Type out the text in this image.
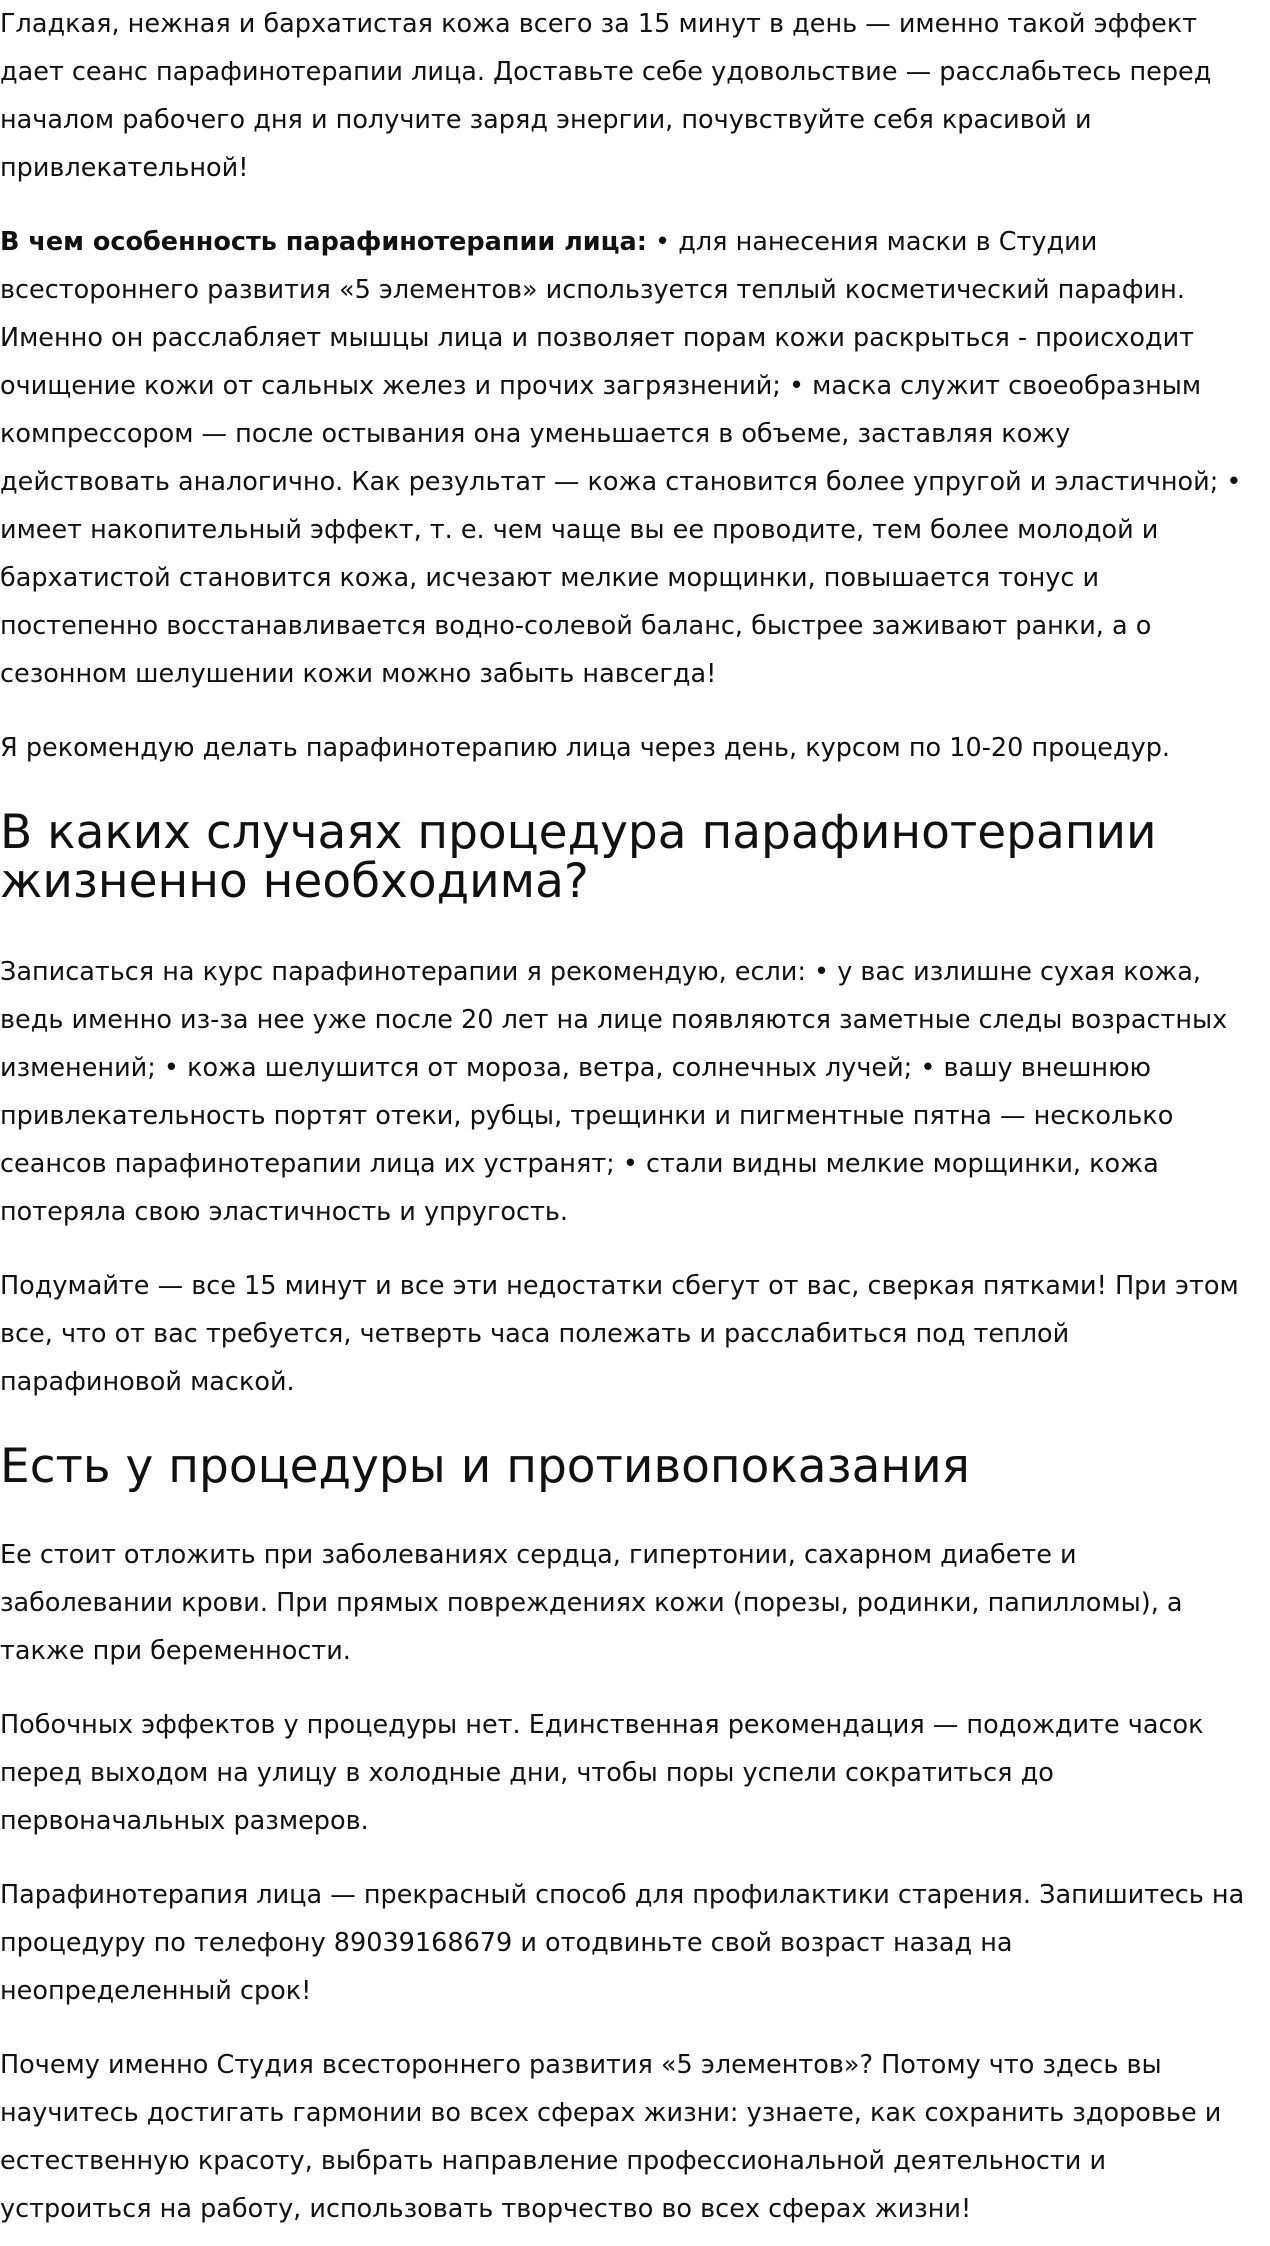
Гладкая, нежная и бархатистая кожа всего за 15 минут в день — именно такой эффект
дает сеанс парафинотерапии лица. Доставьте себе удовольствие — расслабьтесь перед
началом рабочего дня и получите заряд энергии, почувствуйте себя красивой и
привлекательной!

В чем особенность парафинотерапии лица: • для нанесения маски в Студии
всестороннего развития «5 элементов» используется теплый косметический парафин.
Именно он расслабляет мышцы лица и позволяет порам кожи раскрыться - происходит
очищение кожи от сальных желез и прочих загрязнений; • маска служит своеобразным
компрессором — после остывания она уменьшается в объеме, заставляя кожу
действовать аналогично. Как результат — кожа становится более упругой и эластичной; •
имеет накопительный эффект, т. е. чем чаще вы ее проводите, тем более молодой и
бархатистой становится кожа, исчезают мелкие морщинки, повышается тонус и
постепенно восстанавливается водно-солевой баланс, быстрее заживают ранки, а о
сезонном шелушении кожи можно забыть навсегда!

Я рекомендую делать парафинотерапию лица через день, курсом по 10-20 процедур.

В каких случаях процедура парафинотерапии
жизненно необходима?

Записаться на курс парафинотерапии я рекомендую, если: • у вас излишне сухая кожа,
ведь именно из-за нее уже после 20 лет на лице появляются заметные следы возрастных
изменений; • кожа шелушится от мороза, ветра, солнечных лучей; • вашу внешнюю
привлекательность портят отеки, рубцы, трещинки и пигментные пятна — несколько
сеансов парафинотерапии лица их устранят; • стали видны мелкие морщинки, кожа
потеряла свою эластичность и упругость.

Подумайте — все 15 минут и все эти недостатки сбегут от вас, сверкая пятками! При этом
все, что от вас требуется, четверть часа полежать и расслабиться под теплой
парафиновой маской.

Есть у процедуры и противопоказания

Ее стоит отложить при заболеваниях сердца, гипертонии, сахарном диабете и
заболевании крови. При прямых повреждениях кожи (порезы, родинки, папилломы), а
также при беременности.

Побочных эффектов у процедуры нет. Единственная рекомендация — подождите часок
перед выходом на улицу в холодные дни, чтобы поры успели сократиться до
первоначальных размеров.

Парафинотерапия лица — прекрасный способ для профилактики старения. Запишитесь на
процедуру по телефону 89039168679 и отодвиньте свой возраст назад на
неопределенный срок!

Почему именно Студия всестороннего развития «5 элементов»? Потому что здесь вы
научитесь достигать гармонии во всех сферах жизни: узнаете, как сохранить здоровье и
естественную красоту, выбрать направление профессиональной деятельности и
устроиться на работу, использовать творчество во всех сферах жизни!
